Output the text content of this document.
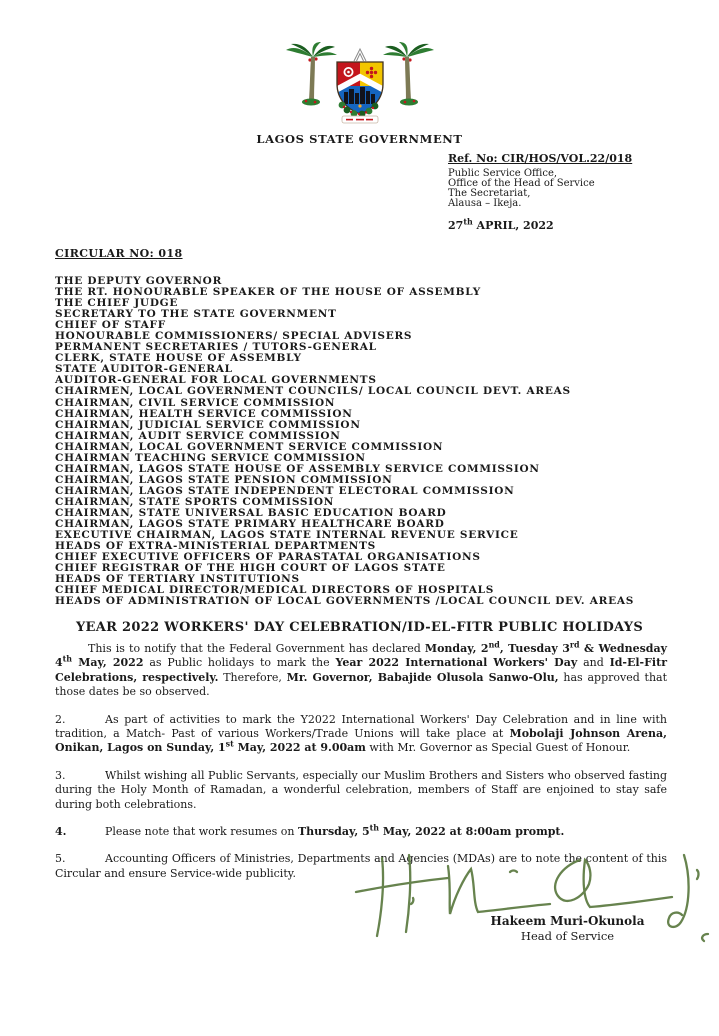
LAGOS STATE GOVERNMENT
Ref. No: CIR/HOS/VOL.22/018
Public Service Office,
Office of the Head of Service
The Secretariat,
Alausa – Ikeja.
27th APRIL, 2022
CIRCULAR NO: 018
THE DEPUTY GOVERNOR
THE RT. HONOURABLE SPEAKER OF THE HOUSE OF ASSEMBLY
THE CHIEF JUDGE
SECRETARY TO THE STATE GOVERNMENT
CHIEF OF STAFF
HONOURABLE COMMISSIONERS/ SPECIAL ADVISERS
PERMANENT SECRETARIES / TUTORS-GENERAL
CLERK, STATE HOUSE OF ASSEMBLY
STATE AUDITOR-GENERAL
AUDITOR-GENERAL FOR LOCAL GOVERNMENTS
CHAIRMEN, LOCAL GOVERNMENT COUNCILS/ LOCAL COUNCIL DEVT. AREAS
CHAIRMAN, CIVIL SERVICE COMMISSION
CHAIRMAN, HEALTH SERVICE COMMISSION
CHAIRMAN, JUDICIAL SERVICE COMMISSION
CHAIRMAN, AUDIT SERVICE COMMISSION
CHAIRMAN, LOCAL GOVERNMENT SERVICE COMMISSION
CHAIRMAN TEACHING SERVICE COMMISSION
CHAIRMAN, LAGOS STATE HOUSE OF ASSEMBLY SERVICE COMMISSION
CHAIRMAN, LAGOS STATE PENSION COMMISSION
CHAIRMAN, LAGOS STATE INDEPENDENT ELECTORAL COMMISSION
CHAIRMAN, STATE SPORTS COMMISSION
CHAIRMAN, STATE UNIVERSAL BASIC EDUCATION BOARD
CHAIRMAN, LAGOS STATE PRIMARY HEALTHCARE BOARD
EXECUTIVE CHAIRMAN, LAGOS STATE INTERNAL REVENUE SERVICE
HEADS OF EXTRA-MINISTERIAL DEPARTMENTS
CHIEF EXECUTIVE OFFICERS OF PARASTATAL ORGANISATIONS
CHIEF REGISTRAR OF THE HIGH COURT OF LAGOS STATE
HEADS OF TERTIARY INSTITUTIONS
CHIEF MEDICAL DIRECTOR/MEDICAL DIRECTORS OF HOSPITALS
HEADS OF ADMINISTRATION OF LOCAL GOVERNMENTS /LOCAL COUNCIL DEV. AREAS
YEAR 2022 WORKERS' DAY CELEBRATION/ID-EL-FITR PUBLIC HOLIDAYS

This is to notify that the Federal Government has declared Monday, 2nd, Tuesday 3rd & Wednesday 4th May, 2022 as Public holidays to mark the Year 2022 International Workers' Day and Id-El-Fitr Celebrations, respectively. Therefore, Mr. Governor, Babajide Olusola Sanwo-Olu, has approved that those dates be so observed.

2.	As part of activities to mark the Y2022 International Workers' Day Celebration and in line with tradition, a Match- Past of various Workers/Trade Unions will take place at Mobolaji Johnson Arena, Onikan, Lagos on Sunday, 1st May, 2022 at 9.00am with Mr. Governor as Special Guest of Honour.

3.	Whilst wishing all Public Servants, especially our Muslim Brothers and Sisters who observed fasting during the Holy Month of Ramadan, a wonderful celebration, members of Staff are enjoined to stay safe during both celebrations.

4.	Please note that work resumes on Thursday, 5th May, 2022 at 8:00am prompt.

5.	Accounting Officers of Ministries, Departments and Agencies (MDAs) are to note the content of this Circular and ensure Service-wide publicity.

Hakeem Muri-Okunola
Head of Service
